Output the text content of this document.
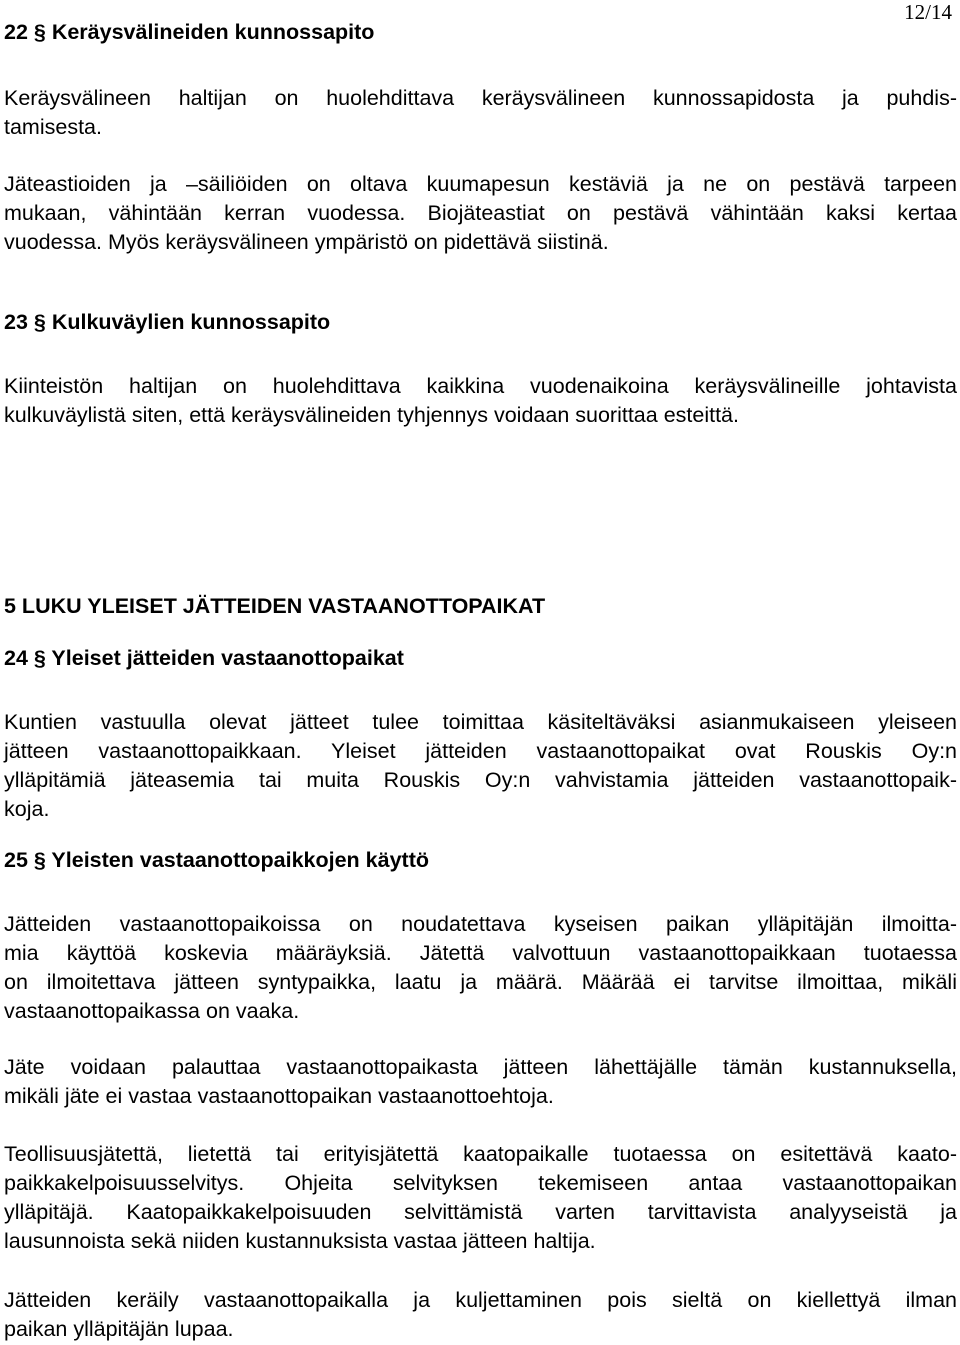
12/14
22 § Keräysvälineiden kunnossapito
Keräysvälineen haltijan on huolehdittava keräysvälineen kunnossapidosta ja puhdis-
tamisesta.
Jäteastioiden ja –säiliöiden on oltava kuumapesun kestäviä ja ne on pestävä tarpeen
mukaan, vähintään kerran vuodessa. Biojäteastiat on pestävä vähintään kaksi kertaa
vuodessa. Myös keräysvälineen ympäristö on pidettävä siistinä.
23 § Kulkuväylien kunnossapito
Kiinteistön haltijan on huolehdittava kaikkina vuodenaikoina keräysvälineille johtavista
kulkuväylistä siten, että keräysvälineiden tyhjennys voidaan suorittaa esteittä.
5 LUKU YLEISET JÄTTEIDEN VASTAANOTTOPAIKAT
24 § Yleiset jätteiden vastaanottopaikat
Kuntien vastuulla olevat jätteet tulee toimittaa käsiteltäväksi asianmukaiseen yleiseen
jätteen vastaanottopaikkaan. Yleiset jätteiden vastaanottopaikat ovat Rouskis Oy:n
ylläpitämiä jäteasemia tai muita Rouskis Oy:n vahvistamia jätteiden vastaanottopaik-
koja.
25 § Yleisten vastaanottopaikkojen käyttö
Jätteiden vastaanottopaikoissa on noudatettava kyseisen paikan ylläpitäjän ilmoitta-
mia käyttöä koskevia määräyksiä. Jätettä valvottuun vastaanottopaikkaan tuotaessa
on ilmoitettava jätteen syntypaikka, laatu ja määrä. Määrää ei tarvitse ilmoittaa, mikäli
vastaanottopaikassa on vaaka.
Jäte voidaan palauttaa vastaanottopaikasta jätteen lähettäjälle tämän kustannuksella,
mikäli jäte ei vastaa vastaanottopaikan vastaanottoehtoja.
Teollisuusjätettä, lietettä tai erityisjätettä kaatopaikalle tuotaessa on esitettävä kaato-
paikkakelpoisuusselvitys. Ohjeita selvityksen tekemiseen antaa vastaanottopaikan
ylläpitäjä. Kaatopaikkakelpoisuuden selvittämistä varten tarvittavista analyyseistä ja
lausunnoista sekä niiden kustannuksista vastaa jätteen haltija.
Jätteiden keräily vastaanottopaikalla ja kuljettaminen pois sieltä on kiellettyä ilman
paikan ylläpitäjän lupaa.
